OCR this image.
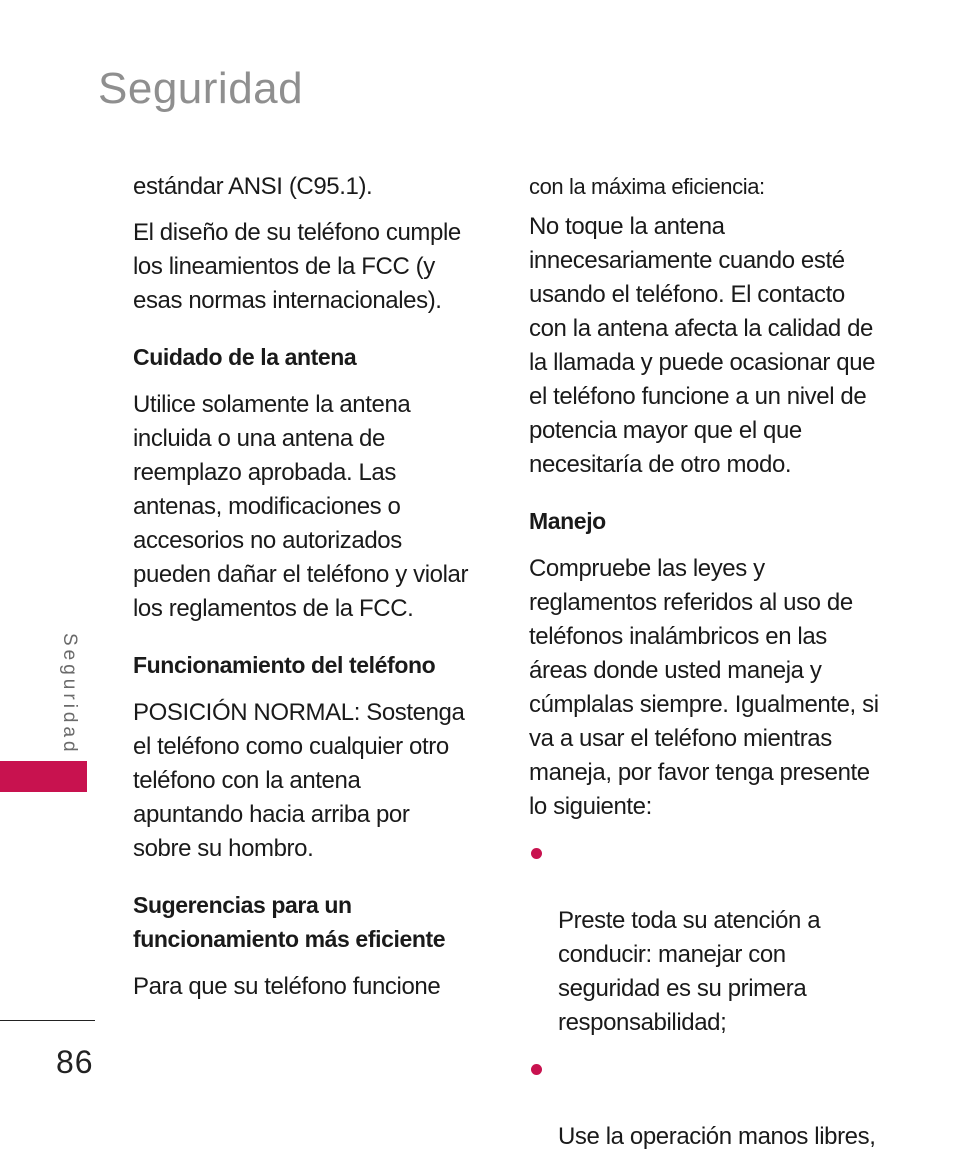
Seguridad

estándar ANSI (C95.1).

El diseño de su teléfono cumple
los lineamientos de la FCC (y
esas normas internacionales).

Cuidado de la antena

Utilice solamente la antena
incluida o una antena de
reemplazo aprobada. Las
antenas, modificaciones o
accesorios no autorizados
pueden dañar el teléfono y violar
los reglamentos de la FCC.

Funcionamiento del teléfono

POSICIÓN NORMAL: Sostenga
el teléfono como cualquier otro
teléfono con la antena
apuntando hacia arriba por
sobre su hombro.

Sugerencias para un
funcionamiento más eficiente

Para que su teléfono funcione

con la máxima eficiencia:

No toque la antena
innecesariamente cuando esté
usando el teléfono. El contacto
con la antena afecta la calidad de
la llamada y puede ocasionar que
el teléfono funcione a un nivel de
potencia mayor que el que
necesitaría de otro modo.

Manejo

Compruebe las leyes y
reglamentos referidos al uso de
teléfonos inalámbricos en las
áreas donde usted maneja y
cúmplalas siempre. Igualmente, si
va a usar el teléfono mientras
maneja, por favor tenga presente
lo siguiente:

Preste toda su atención a
conducir: manejar con
seguridad es su primera
responsabilidad;

Use la operación manos libres,

Seguridad
86
